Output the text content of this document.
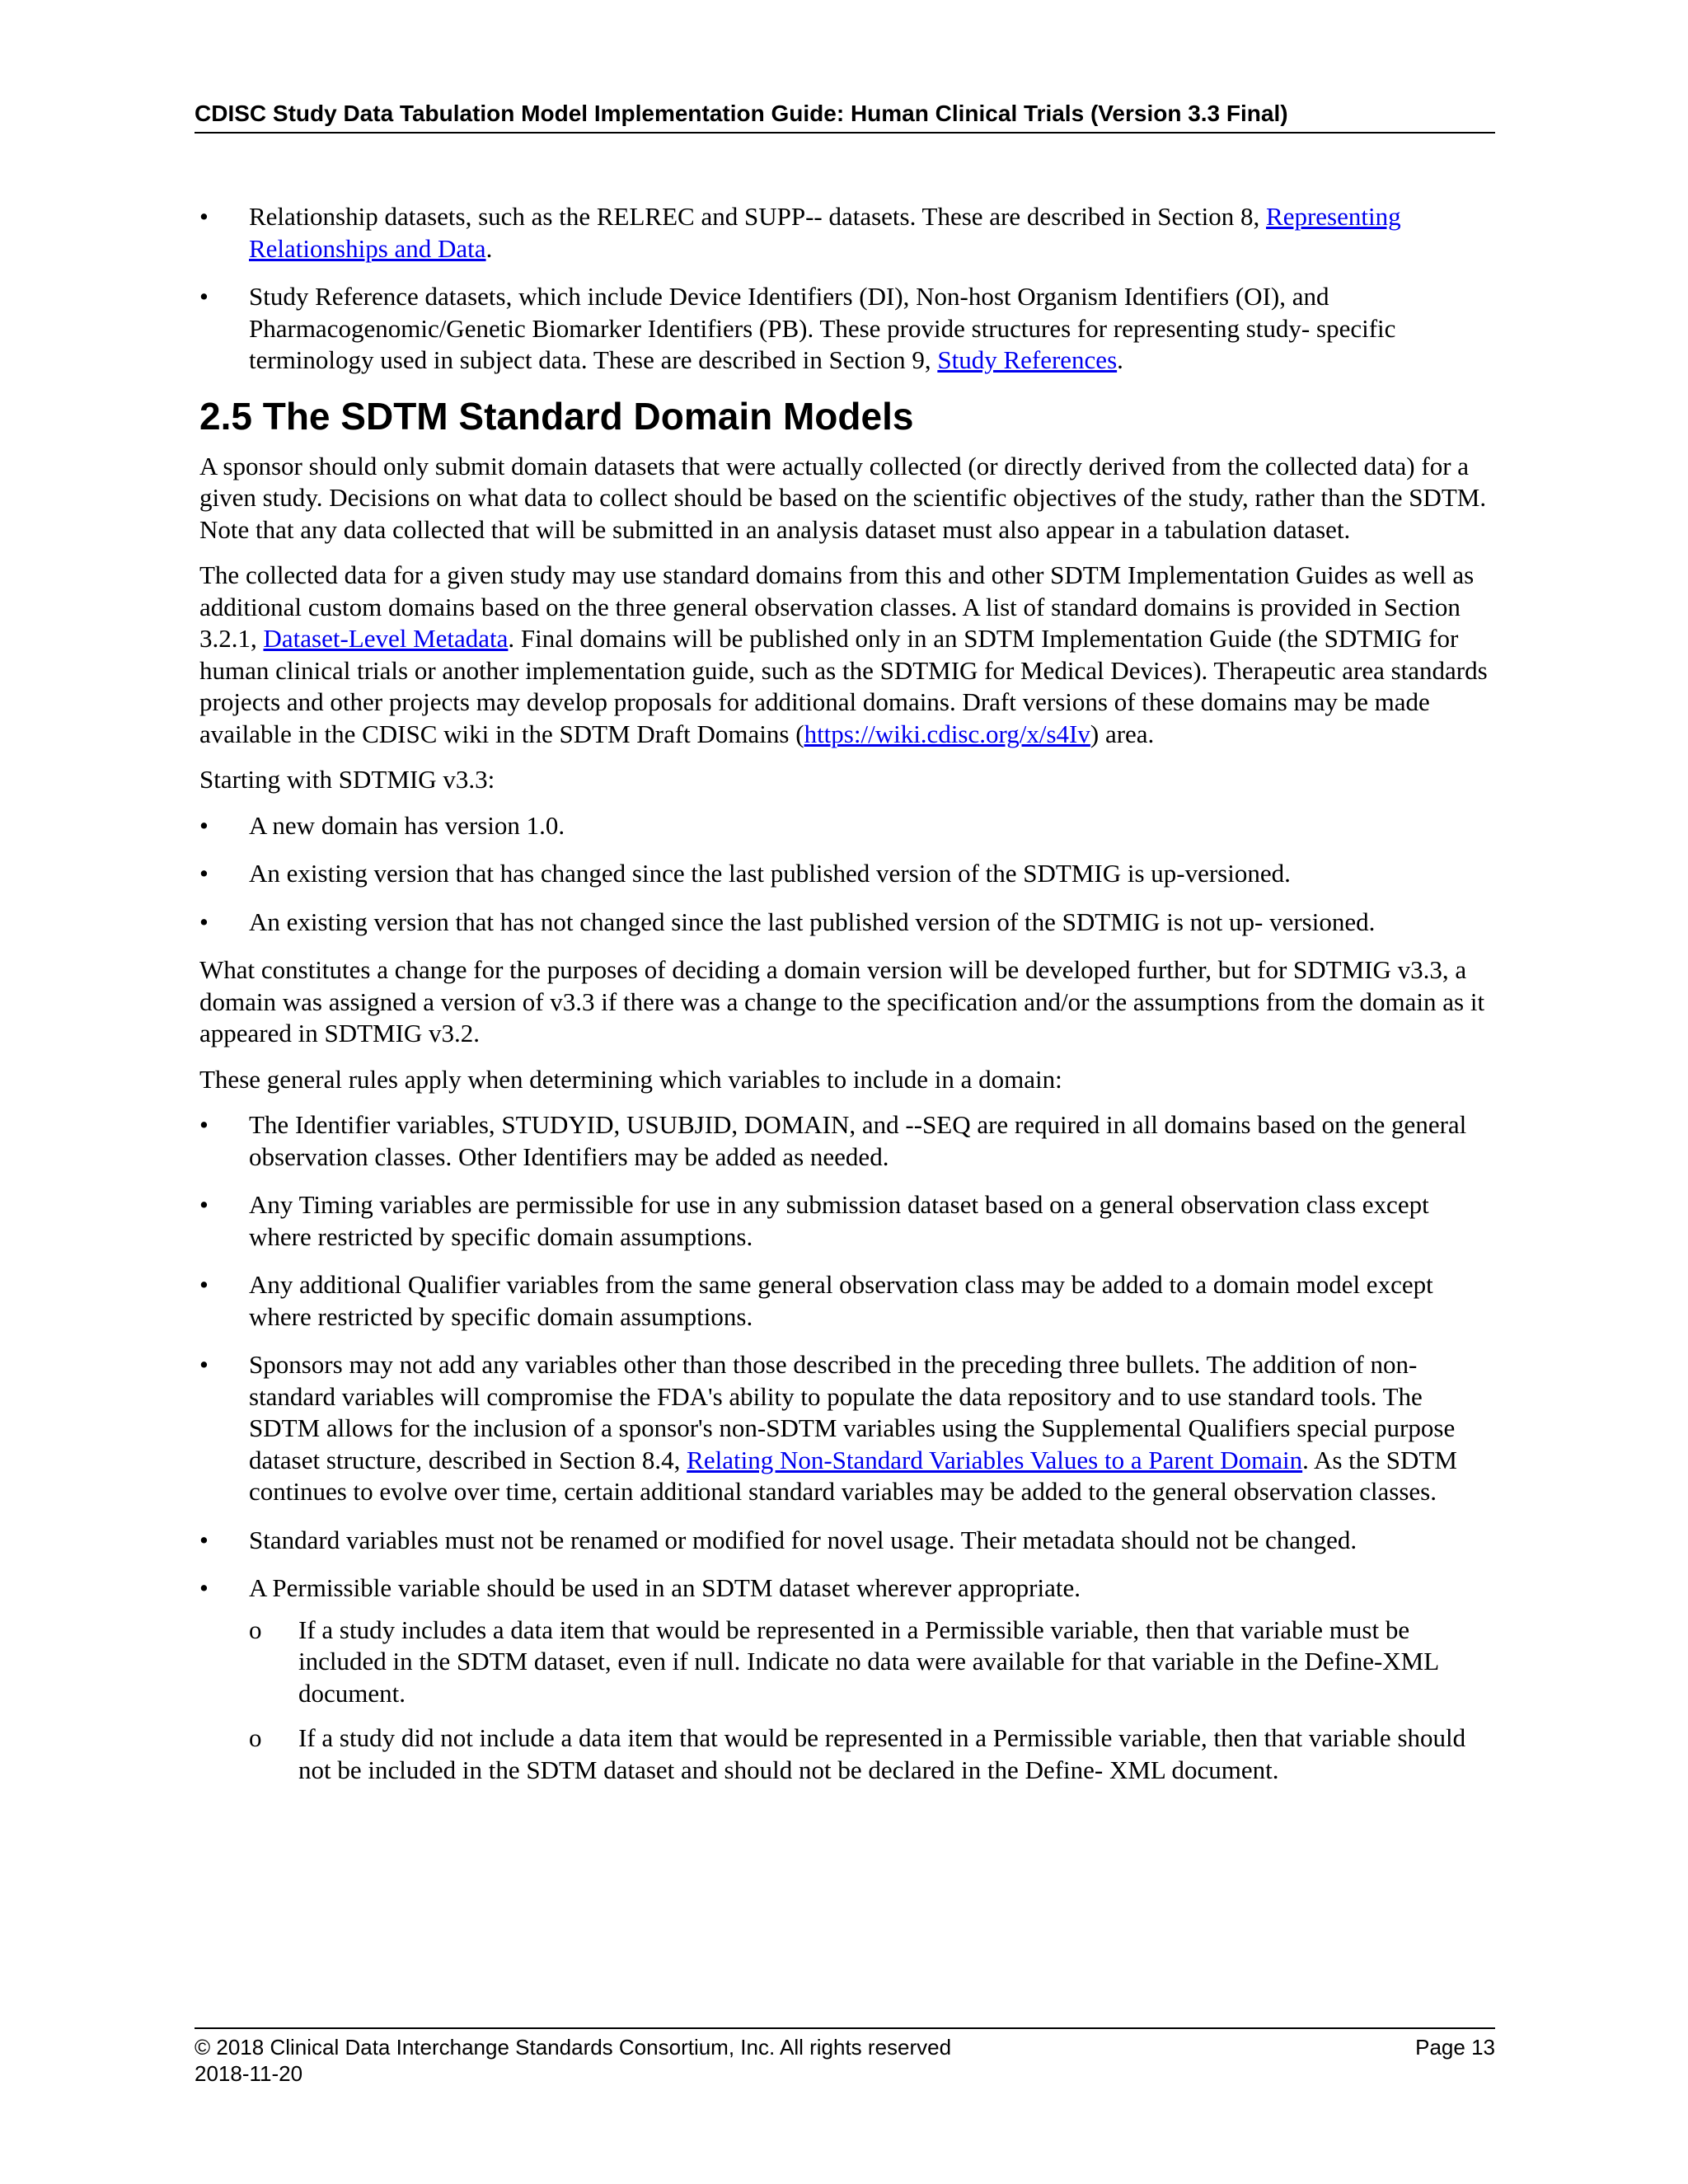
CDISC Study Data Tabulation Model Implementation Guide: Human Clinical Trials (Version 3.3 Final)
• Relationship datasets, such as the RELREC and SUPP-- datasets. These are described in Section 8, Representing Relationships and Data.
• Study Reference datasets, which include Device Identifiers (DI), Non-host Organism Identifiers (OI), and Pharmacogenomic/Genetic Biomarker Identifiers (PB). These provide structures for representing study- specific terminology used in subject data. These are described in Section 9, Study References.
2.5 The SDTM Standard Domain Models

A sponsor should only submit domain datasets that were actually collected (or directly derived from the collected data) for a given study. Decisions on what data to collect should be based on the scientific objectives of the study, rather than the SDTM. Note that any data collected that will be submitted in an analysis dataset must also appear in a tabulation dataset.

The collected data for a given study may use standard domains from this and other SDTM Implementation Guides as well as additional custom domains based on the three general observation classes. A list of standard domains is provided in Section 3.2.1, Dataset-Level Metadata. Final domains will be published only in an SDTM Implementation Guide (the SDTMIG for human clinical trials or another implementation guide, such as the SDTMIG for Medical Devices). Therapeutic area standards projects and other projects may develop proposals for additional domains. Draft versions of these domains may be made available in the CDISC wiki in the SDTM Draft Domains (https://wiki.cdisc.org/x/s4Iv) area.

Starting with SDTMIG v3.3:

• A new domain has version 1.0.
• An existing version that has changed since the last published version of the SDTMIG is up-versioned.
• An existing version that has not changed since the last published version of the SDTMIG is not up- versioned.

What constitutes a change for the purposes of deciding a domain version will be developed further, but for SDTMIG v3.3, a domain was assigned a version of v3.3 if there was a change to the specification and/or the assumptions from the domain as it appeared in SDTMIG v3.2.

These general rules apply when determining which variables to include in a domain:

• The Identifier variables, STUDYID, USUBJID, DOMAIN, and --SEQ are required in all domains based on the general observation classes. Other Identifiers may be added as needed.
• Any Timing variables are permissible for use in any submission dataset based on a general observation class except where restricted by specific domain assumptions.
• Any additional Qualifier variables from the same general observation class may be added to a domain model except where restricted by specific domain assumptions.
• Sponsors may not add any variables other than those described in the preceding three bullets. The addition of non-standard variables will compromise the FDA's ability to populate the data repository and to use standard tools. The SDTM allows for the inclusion of a sponsor's non-SDTM variables using the Supplemental Qualifiers special purpose dataset structure, described in Section 8.4, Relating Non-Standard Variables Values to a Parent Domain. As the SDTM continues to evolve over time, certain additional standard variables may be added to the general observation classes.
• Standard variables must not be renamed or modified for novel usage. Their metadata should not be changed.
• A Permissible variable should be used in an SDTM dataset wherever appropriate.
o If a study includes a data item that would be represented in a Permissible variable, then that variable must be included in the SDTM dataset, even if null. Indicate no data were available for that variable in the Define-XML document.
o If a study did not include a data item that would be represented in a Permissible variable, then that variable should not be included in the SDTM dataset and should not be declared in the Define- XML document.
© 2018 Clinical Data Interchange Standards Consortium, Inc. All rights reserved	Page 13
2018-11-20
